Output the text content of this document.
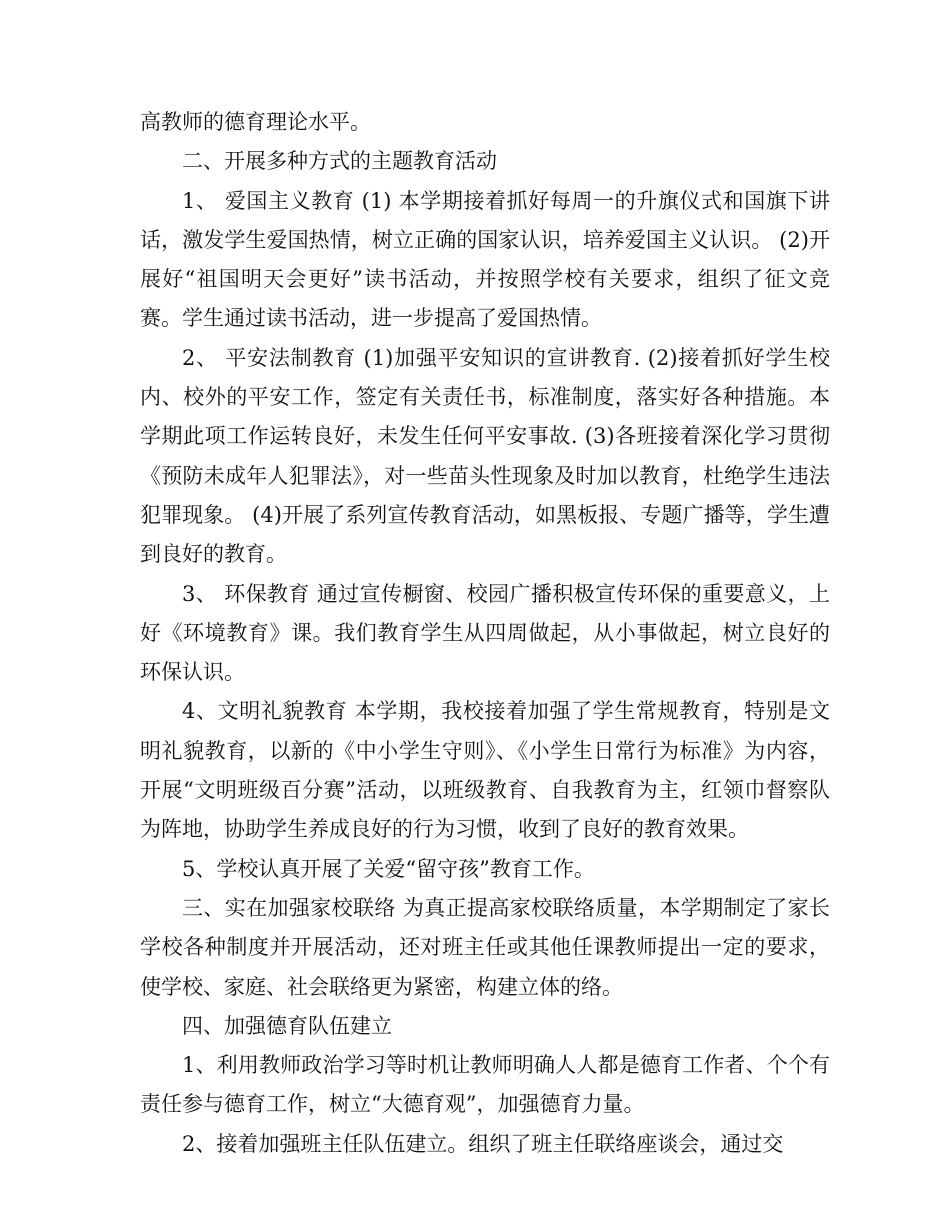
高教师的德育理论水平。

二、开展多种方式的主题教育活动

1、 爱国主义教育 (1) 本学期接着抓好每周一的升旗仪式和国旗下讲话，激发学生爱国热情，树立正确的国家认识，培养爱国主义认识。 (2)开展好“祖国明天会更好”读书活动，并按照学校有关要求，组织了征文竞赛。学生通过读书活动，进一步提高了爱国热情。

2、 平安法制教育 (1)加强平安知识的宣讲教育. (2)接着抓好学生校内、校外的平安工作，签定有关责任书，标准制度，落实好各种措施。本学期此项工作运转良好，未发生任何平安事故. (3)各班接着深化学习贯彻《预防未成年人犯罪法》，对一些苗头性现象及时加以教育，杜绝学生违法犯罪现象。 (4)开展了系列宣传教育活动，如黑板报、专题广播等，学生遭到良好的教育。

3、 环保教育 通过宣传橱窗、校园广播积极宣传环保的重要意义，上好《环境教育》课。我们教育学生从四周做起，从小事做起，树立良好的环保认识。

4、文明礼貌教育 本学期，我校接着加强了学生常规教育，特别是文明礼貌教育，以新的《中小学生守则》、《小学生日常行为标准》为内容，开展“文明班级百分赛”活动，以班级教育、自我教育为主，红领巾督察队为阵地，协助学生养成良好的行为习惯，收到了良好的教育效果。

5、学校认真开展了关爱“留守孩”教育工作。

三、实在加强家校联络 为真正提高家校联络质量，本学期制定了家长学校各种制度并开展活动，还对班主任或其他任课教师提出一定的要求，使学校、家庭、社会联络更为紧密，构建立体的络。

四、加强德育队伍建立

1、利用教师政治学习等时机让教师明确人人都是德育工作者、个个有责任参与德育工作，树立“大德育观”，加强德育力量。

2、接着加强班主任队伍建立。组织了班主任联络座谈会，通过交
